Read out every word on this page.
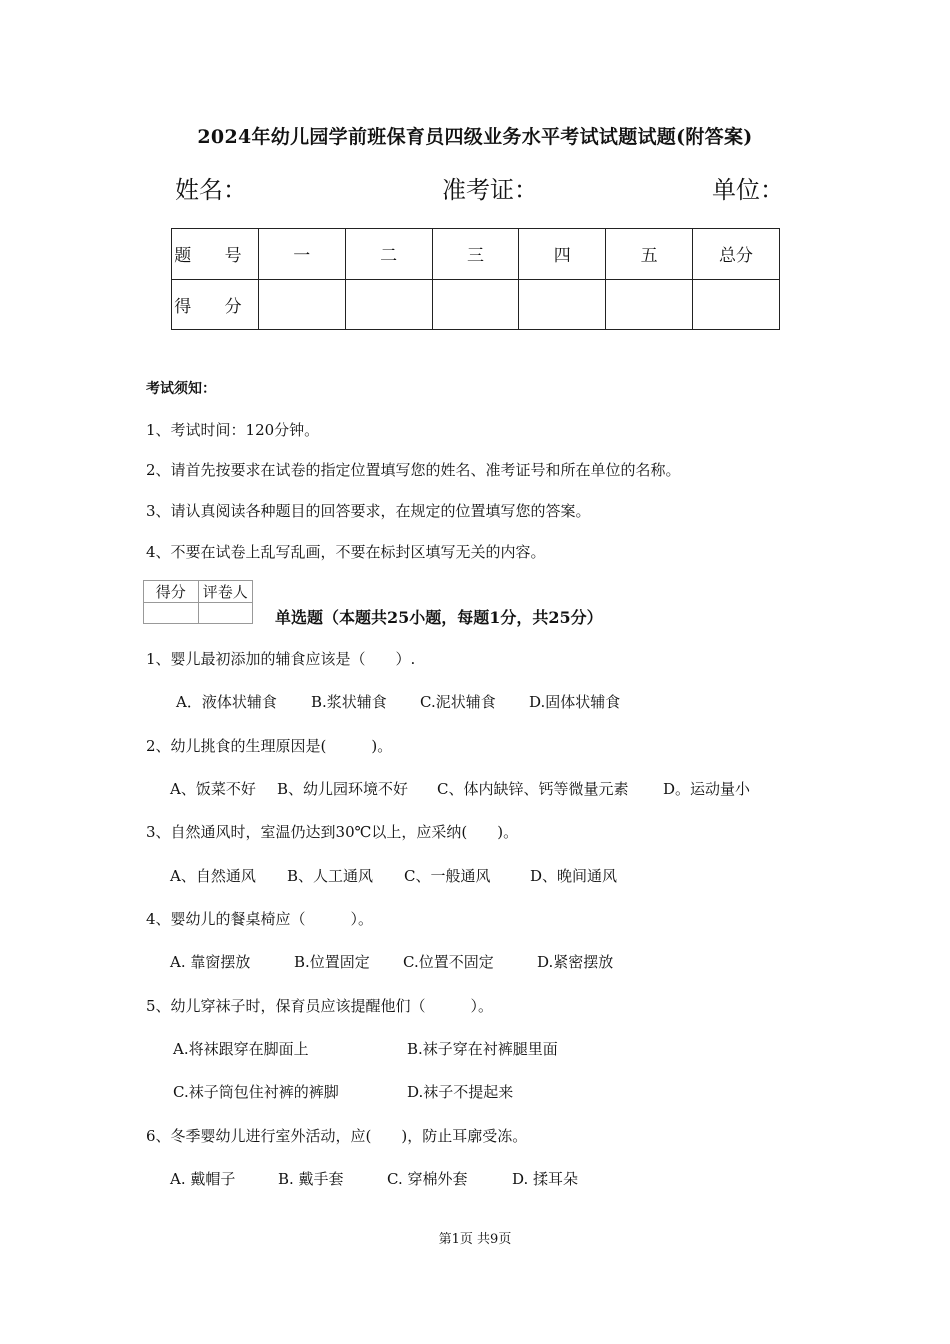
2024年幼儿园学前班保育员四级业务水平考试试题试题(附答案)
姓名：	准考证：	单位：
题 号	一	二	三	四	五	总分
得 分						
考试须知：
1、考试时间：120分钟。
2、请首先按要求在试卷的指定位置填写您的姓名、准考证号和所在单位的名称。
3、请认真阅读各种题目的回答要求，在规定的位置填写您的答案。
4、不要在试卷上乱写乱画，不要在标封区填写无关的内容。
得分	评卷人

单选题（本题共25小题，每题1分，共25分）
1、婴儿最初添加的辅食应该是（　　）.
A．液体状辅食 B.浆状辅食 C.泥状辅食 D.固体状辅食
2、幼儿挑食的生理原因是(　　　)。
A、饭菜不好 B、幼儿园环境不好 C、体内缺锌、钙等微量元素 D。运动量小
3、自然通风时，室温仍达到30℃以上，应采纳(　　)。
A、自然通风 B、人工通风 C、一般通风	D、晚间通风
4、婴幼儿的餐桌椅应（　　　）。
A. 靠窗摆放	B.位置固定 C.位置不固定	D.紧密摆放
5、幼儿穿袜子时，保育员应该提醒他们（　　　）。
A.将袜跟穿在脚面上	B.袜子穿在衬裤腿里面
C.袜子筒包住衬裤的裤脚	D.袜子不提起来
6、冬季婴幼儿进行室外活动，应(　　)，防止耳廓受冻。
A. 戴帽子	B. 戴手套	C. 穿棉外套	D. 揉耳朵
第1页 共9页
